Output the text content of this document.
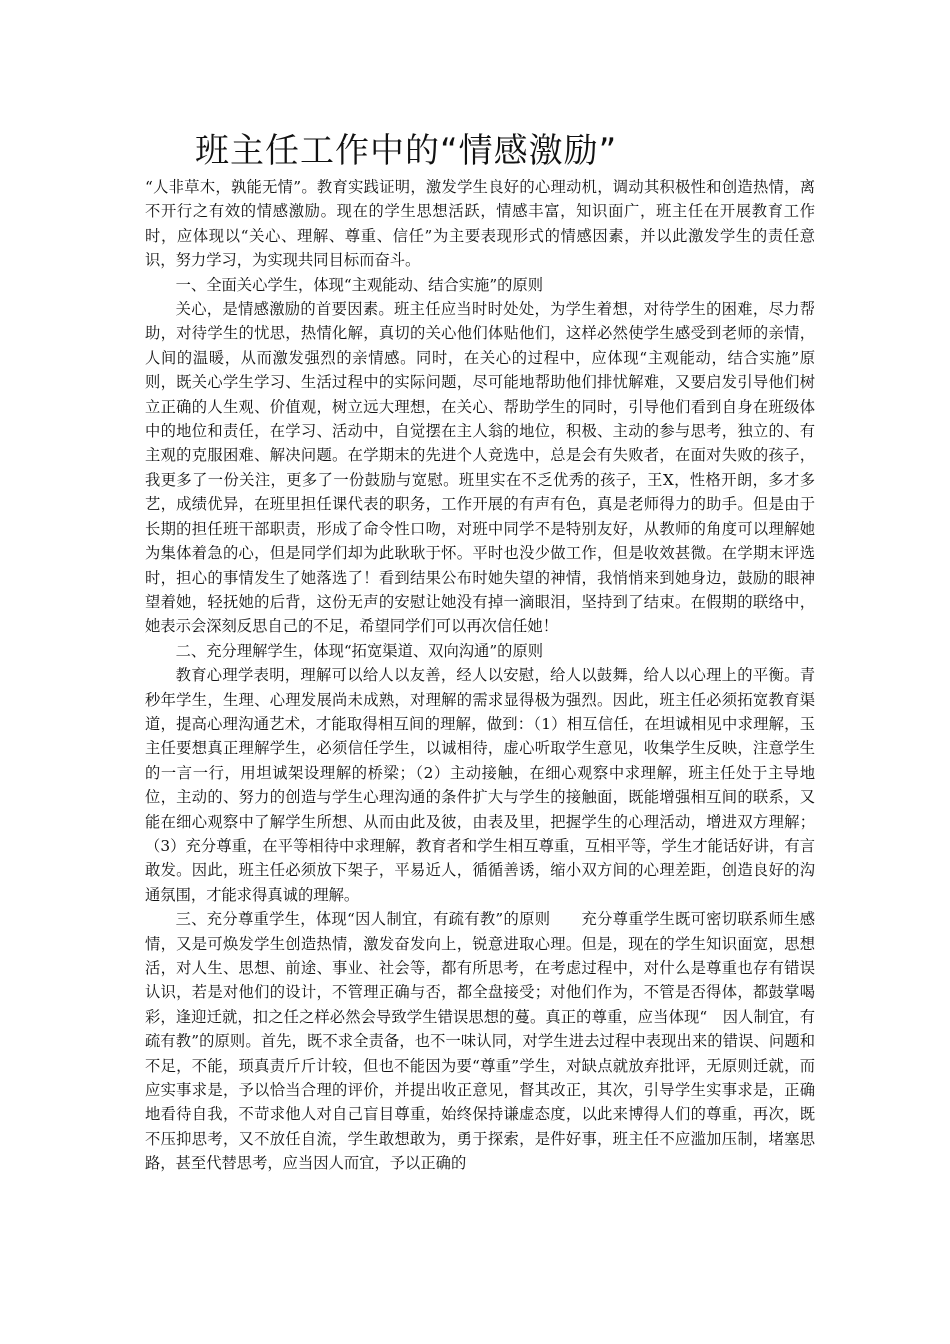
班主任工作中的“情感激励”

“人非草木，孰能无情”。教育实践证明，激发学生良好的心理动机，调动其积极性和创造热情，离不开行之有效的情感激励。现在的学生思想活跃，情感丰富，知识面广，班主任在开展教育工作时，应体现以“关心、理解、尊重、信任”为主要表现形式的情感因素，并以此激发学生的责任意识，努力学习，为实现共同目标而奋斗。

一、全面关心学生，体现“主观能动、结合实施”的原则

关心，是情感激励的首要因素。班主任应当时时处处，为学生着想，对待学生的困难，尽力帮助，对待学生的忧思，热情化解，真切的关心他们体贴他们，这样必然使学生感受到老师的亲情，人间的温暖，从而激发强烈的亲情感。同时，在关心的过程中，应体现“主观能动，结合实施”原则，既关心学生学习、生活过程中的实际问题，尽可能地帮助他们排忧解难，又要启发引导他们树立正确的人生观、价值观，树立远大理想，在关心、帮助学生的同时，引导他们看到自身在班级体中的地位和责任，在学习、活动中，自觉摆在主人翁的地位，积极、主动的参与思考，独立的、有主观的克服困难、解决问题。在学期末的先进个人竞选中，总是会有失败者，在面对失败的孩子，我更多了一份关注，更多了一份鼓励与宽慰。班里实在不乏优秀的孩子，王X，性格开朗，多才多艺，成绩优异，在班里担任课代表的职务，工作开展的有声有色，真是老师得力的助手。但是由于长期的担任班干部职责，形成了命令性口吻，对班中同学不是特别友好，从教师的角度可以理解她为集体着急的心，但是同学们却为此耿耿于怀。平时也没少做工作，但是收效甚微。在学期末评选时，担心的事情发生了她落选了！看到结果公布时她失望的神情，我悄悄来到她身边，鼓励的眼神望着她，轻抚她的后背，这份无声的安慰让她没有掉一滴眼泪，坚持到了结束。在假期的联络中，她表示会深刻反思自己的不足，希望同学们可以再次信任她！

二、充分理解学生，体现“拓宽渠道、双向沟通”的原则

教育心理学表明，理解可以给人以友善，经人以安慰，给人以鼓舞，给人以心理上的平衡。青秒年学生，生理、心理发展尚未成熟，对理解的需求显得极为强烈。因此，班主任必须拓宽教育渠道，提高心理沟通艺术，才能取得相互间的理解，做到：（1）相互信任，在坦诚相见中求理解，玉主任要想真正理解学生，必须信任学生，以诚相待，虚心听取学生意见，收集学生反映，注意学生的一言一行，用坦诚架设理解的桥梁；（2）主动接触，在细心观察中求理解，班主任处于主导地位，主动的、努力的创造与学生心理沟通的条件扩大与学生的接触面，既能增强相互间的联系，又能在细心观察中了解学生所想、从而由此及彼，由表及里，把握学生的心理活动，增进双方理解；（3）充分尊重，在平等相待中求理解，教育者和学生相互尊重，互相平等，学生才能话好讲，有言敢发。因此，班主任必须放下架子，平易近人，循循善诱，缩小双方间的心理差距，创造良好的沟通氛围，才能求得真诚的理解。

三、充分尊重学生，体现“因人制宜，有疏有教”的原则　　充分尊重学生既可密切联系师生感情，又是可焕发学生创造热情，激发奋发向上，锐意进取心理。但是，现在的学生知识面宽，思想活，对人生、思想、前途、事业、社会等，都有所思考，在考虑过程中，对什么是尊重也存有错误认识，若是对他们的设计，不管理正确与否，都全盘接受；对他们作为，不管是否得体，都鼓掌喝彩，逢迎迁就，扣之任之样必然会导致学生错误思想的蔓。真正的尊重，应当体现“　因人制宜，有疏有教”的原则。首先，既不求全责备，也不一味认同，对学生进去过程中表现出来的错误、问题和不足，不能，顼真责斤斤计较，但也不能因为要“尊重”学生，对缺点就放弃批评，无原则迁就，而应实事求是，予以恰当合理的评价，并提出收正意见，督其改正，其次，引导学生实事求是，正确地看待自我，不苛求他人对自己盲目尊重，始终保持谦虚态度，以此来博得人们的尊重，再次，既不压抑思考，又不放任自流，学生敢想敢为，勇于探索，是件好事，班主任不应滥加压制，堵塞思路，甚至代替思考，应当因人而宜，予以正确的
